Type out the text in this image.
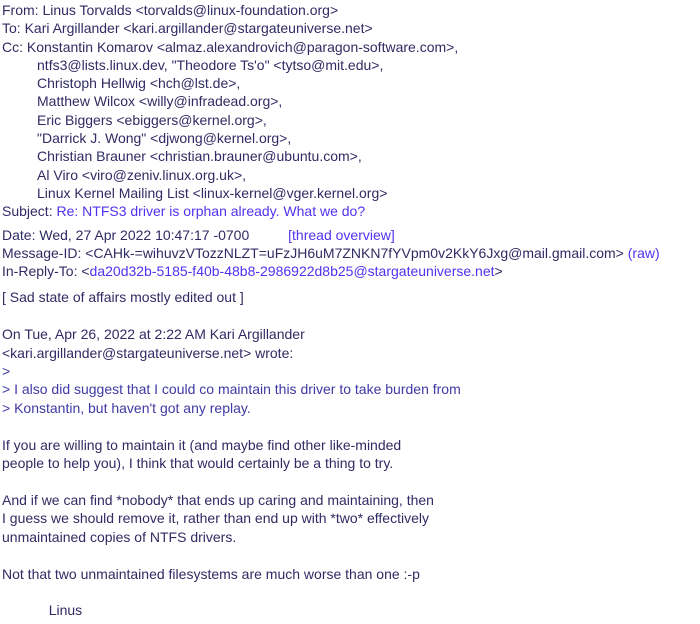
From: Linus Torvalds <torvalds@linux-foundation.org>
To: Kari Argillander <kari.argillander@stargateuniverse.net>
Cc: Konstantin Komarov <almaz.alexandrovich@paragon-software.com>,
ntfs3@lists.linux.dev, "Theodore Ts'o" <tytso@mit.edu>,
Christoph Hellwig <hch@lst.de>,
Matthew Wilcox <willy@infradead.org>,
Eric Biggers <ebiggers@kernel.org>,
"Darrick J. Wong" <djwong@kernel.org>,
Christian Brauner <christian.brauner@ubuntu.com>,
Al Viro <viro@zeniv.linux.org.uk>,
Linux Kernel Mailing List <linux-kernel@vger.kernel.org>
Subject: Re: NTFS3 driver is orphan already. What we do?
Date: Wed, 27 Apr 2022 10:47:17 -0700          [thread overview]
Message-ID: <CAHk-=wihuvzVTozzNLZT=uFzJH6uM7ZNKN7fYVpm0v2KkY6Jxg@mail.gmail.com> (raw)
In-Reply-To: <da20d32b-5185-f40b-48b8-2986922d8b25@stargateuniverse.net>
[ Sad state of affairs mostly edited out ]

On Tue, Apr 26, 2022 at 2:22 AM Kari Argillander
<kari.argillander@stargateuniverse.net> wrote:
>
> I also did suggest that I could co maintain this driver to take burden from
> Konstantin, but haven't got any replay.

If you are willing to maintain it (and maybe find other like-minded
people to help you), I think that would certainly be a thing to try.

And if we can find *nobody* that ends up caring and maintaining, then
I guess we should remove it, rather than end up with *two* effectively
unmaintained copies of NTFS drivers.

Not that two unmaintained filesystems are much worse than one :-p

Linus
